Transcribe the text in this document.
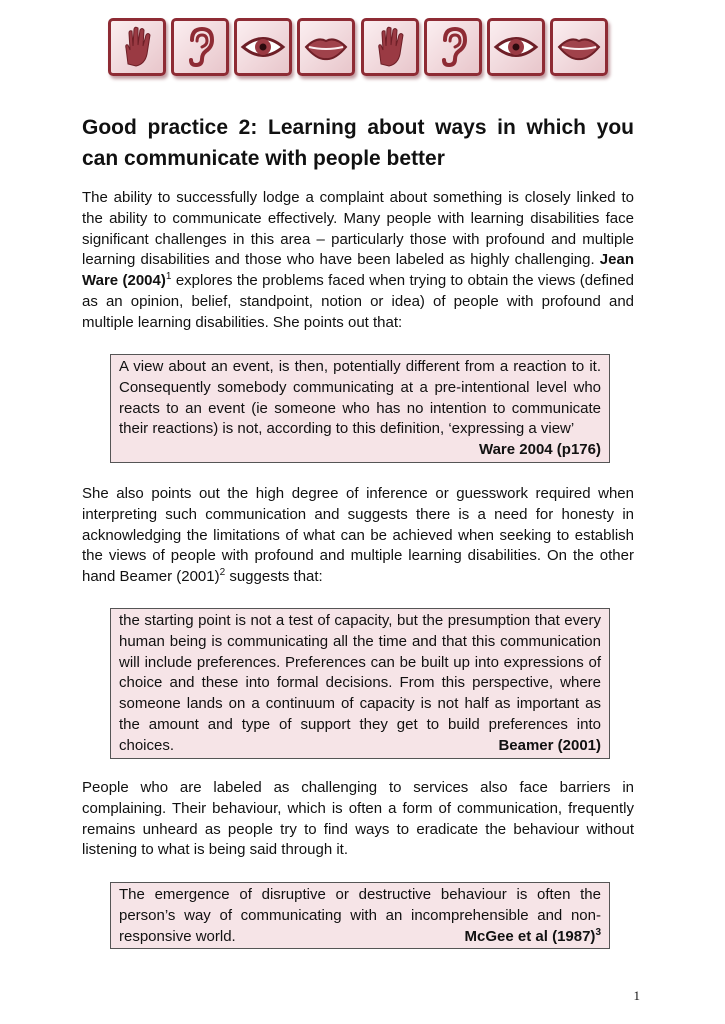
Good practice 2: Learning about ways in which you can communicate with people better

The ability to successfully lodge a complaint about something is closely linked to the ability to communicate effectively. Many people with learning disabilities face significant challenges in this area – particularly those with profound and multiple learning disabilities and those who have been labeled as highly challenging. Jean Ware $(2004)^1$ explores the problems faced when trying to obtain the views (defined as an opinion, belief, standpoint, notion or idea) of people with profound and multiple learning disabilities. She points out that:

A view about an event, is then, potentially different from a reaction to it. Consequently somebody communicating at a pre-intentional level who reacts to an event (ie someone who has no intention to communicate their reactions) is not, according to this definition, ‘expressing a view’
Ware 2004 (p176)

She also points out the high degree of inference or guesswork required when interpreting such communication and suggests there is a need for honesty in acknowledging the limitations of what can be achieved when seeking to establish the views of people with profound and multiple learning disabilities. On the other hand Beamer $(2001)^2$ suggests that:

the starting point is not a test of capacity, but the presumption that every human being is communicating all the time and that this communication will include preferences. Preferences can be built up into expressions of choice and these into formal decisions. From this perspective, where someone lands on a continuum of capacity is not half as important as the amount and type of support they get to build preferences into choices.	Beamer (2001)

People who are labeled as challenging to services also face barriers in complaining. Their behaviour, which is often a form of communication, frequently remains unheard as people try to find ways to eradicate the behaviour without listening to what is being said through it.

The emergence of disruptive or destructive behaviour is often the person’s way of communicating with an incomprehensible and non-responsive world.	McGee et al $(1987)^3$
1
